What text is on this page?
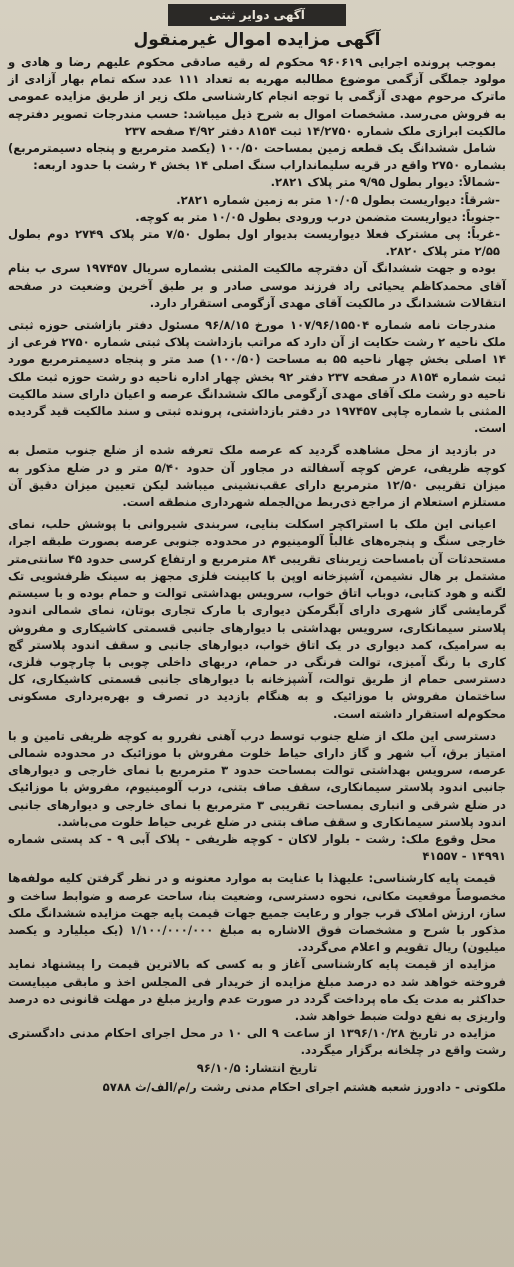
آگهی دوایر ثبتی
آگهی مزایده اموال غیرمنقول

بموجب پرونده اجرایی ۹۶۰۶۱۹ محکوم له رقیه صادقی محکوم علیهم رضا و هادی و مولود جملگی آزگمی موضوع مطالبه مهریه به تعداد ۱۱۱ عدد سکه تمام بهار آزادی از ماترک مرحوم مهدی آزگمی با توجه انجام کارشناسی ملک زیر از طریق مزایده عمومی به فروش می‌رسد. مشخصات اموال به شرح ذیل میباشد: حسب مندرجات تصویر دفترچه مالکیت ابرازی ملک شماره ۱۴/۲۷۵۰ ثبت ۸۱۵۴ دفتر ۴/۹۲ صفحه ۲۳۷

شامل ششدانگ یک قطعه زمین بمساحت ۱۰۰/۵۰ (یکصد مترمربع و پنجاه دسیمترمربع) بشماره ۲۷۵۰ واقع در قریه سلیمانداراب سنگ اصلی ۱۴ بخش ۴ رشت با حدود اربعه:

-شمالاً: دیوار بطول ۹/۹۵ متر پلاک ۲۸۲۱.
-شرقاً: دیواریست بطول ۱۰/۰۵ متر به زمین شماره ۲۸۲۱.
-جنوباً: دیواریست متضمن درب ورودی بطول ۱۰/۰۵ متر به کوچه.
-غرباً: پی مشترک فعلا دیواریست بدیوار اول بطول ۷/۵۰ متر پلاک ۲۷۴۹ دوم بطول ۲/۵۵ متر پلاک ۲۸۲۰.

بوده و جهت ششدانگ آن دفترچه مالکیت المثنی بشماره سریال ۱۹۷۴۵۷ سری ب بنام آقای محمدکاظم یحیائی راد فرزند موسی صادر و بر طبق آخرین وضعیت در صفحه انتقالات ششدانگ در مالکیت آقای مهدی آزگومی استقرار دارد.

مندرجات نامه شماره ۱۰۷/۹۶/۱۵۵۰۴ مورخ ۹۶/۸/۱۵ مسئول دفتر بازاشتی حوزه ثبتی ملک ناحیه ۲ رشت حکایت از آن دارد که مراتب بازداشت پلاک ثبتی شماره ۲۷۵۰ فرعی از ۱۴ اصلی بخش چهار ناحیه ۵۵ به مساحت (۱۰۰/۵۰) صد متر و پنجاه دسیمترمربع مورد ثبت شماره ۸۱۵۴ در صفحه ۲۳۷ دفتر ۹۲ بخش چهار اداره ناحیه دو رشت حوزه ثبت ملک ناحیه دو رشت ملک آقای مهدی آزگومی مالک ششدانگ عرصه و اعیان دارای سند مالکیت المثنی با شماره چاپی ۱۹۷۴۵۷ در دفتر بازداشتی، پرونده ثبتی و سند مالکیت قید گردیده است.

در بازدید از محل مشاهده گردید که عرصه ملک تعرفه شده از ضلع جنوب متصل به کوچه ظریفی، عرض کوچه آسفالته در مجاور آن حدود ۵/۴۰ متر و در ضلع مذکور به میزان تقریبی ۱۲/۵۰ مترمربع دارای عقب‌نشینی میباشد لیکن تعیین میزان دقیق آن مستلزم استعلام از مراجع ذی‌ربط من‌الجمله شهرداری منطقه است.

اعیانی این ملک با استراکچر اسکلت بنایی، سربندی شیروانی با پوشش حلب، نمای خارجی سنگ و پنجره‌های غالباً آلومینیوم در محدوده جنوبی عرصه بصورت طبقه اجرا، مستحدثات آن بامساحت زیربنای تقریبی ۸۴ مترمربع و ارتفاع کرسی حدود ۴۵ سانتی‌متر مشتمل بر هال نشیمن، آشپزخانه اوپن با کابینت فلزی مجهز به سینک ظرفشویی تک لگنه و هود کتابی، دوباب اتاق خواب، سرویس بهداشتی توالت و حمام بوده و با سیستم گرمایشی گاز شهری دارای آبگرمکن دیواری با مارک تجاری بوتان، نمای شمالی اندود پلاستر سیمانکاری، سرویس بهداشتی با دیوارهای جانبی قسمتی کاشیکاری و مفروش به سرامیک، کمد دیواری در یک اتاق خواب، دیوارهای جانبی و سقف اندود پلاستر گچ کاری با رنگ آمیزی، توالت فرنگی در حمام، دربهای داخلی چوبی با چارچوب فلزی، دسترسی حمام از طریق توالت، آشپزخانه با دیوارهای جانبی قسمتی کاشیکاری، کل ساختمان مفروش با موزائیک و به هنگام بازدید در تصرف و بهره‌برداری مسکونی محکوم‌له استقرار داشته است.

دسترسی این ملک از ضلع جنوب توسط درب آهنی نفررو به کوچه ظریفی تامین و با امتیاز برق، آب شهر و گاز دارای حیاط خلوت مفروش با موزائیک در محدوده شمالی عرصه، سرویس بهداشتی توالت بمساحت حدود ۳ مترمربع با نمای خارجی و دیوارهای جانبی اندود پلاستر سیمانکاری، سقف صاف بتنی، درب آلومینیوم، مفروش با موزائیک در ضلع شرقی و انباری بمساحت تقریبی ۳ مترمربع با نمای خارجی و دیوارهای جانبی اندود پلاستر سیمانکاری و سقف صاف بتنی در ضلع غربی حیاط خلوت می‌باشد.

محل وقوع ملک: رشت - بلوار لاکان - کوچه ظریفی - پلاک آبی ۹ - کد پستی شماره ۱۴۹۹۱ - ۴۱۵۵۷

قیمت پایه کارشناسی: علیهذا با عنایت به موارد معنونه و در نظر گرفتن کلیه مولفه‌ها مخصوصاً موقعیت مکانی، نحوه دسترسی، وضعیت بنا، ساحت عرصه و ضوابط ساخت و ساز، ارزش املاک قرب جوار و رعایت جمیع جهات قیمت پایه جهت مزایده ششدانگ ملک مذکور با شرح و مشخصات فوق الاشاره به مبلغ ۱/۱۰۰/۰۰۰/۰۰۰ (یک میلیارد و یکصد میلیون) ریال تقویم و اعلام می‌گردد.

مزایده از قیمت پایه کارشناسی آغاز و به کسی که بالاترین قیمت را پیشنهاد نماید فروخته خواهد شد ده درصد مبلغ مزایده از خریدار فی المجلس اخذ و مابقی میبایست حداکثر به مدت یک ماه پرداخت گردد در صورت عدم واریز مبلغ در مهلت قانونی ده درصد واریزی به نفع دولت ضبط خواهد شد.

مزایده در تاریخ ۱۳۹۶/۱۰/۲۸ از ساعت ۹ الی ۱۰ در محل اجرای احکام مدنی دادگستری رشت واقع در چلخانه برگزار میگردد.

تاریخ انتشار: ۹۶/۱۰/۵

ملکوتی - دادورز شعبه هشتم اجرای احکام مدنی رشت ر/م/الف/ث ۵۷۸۸
